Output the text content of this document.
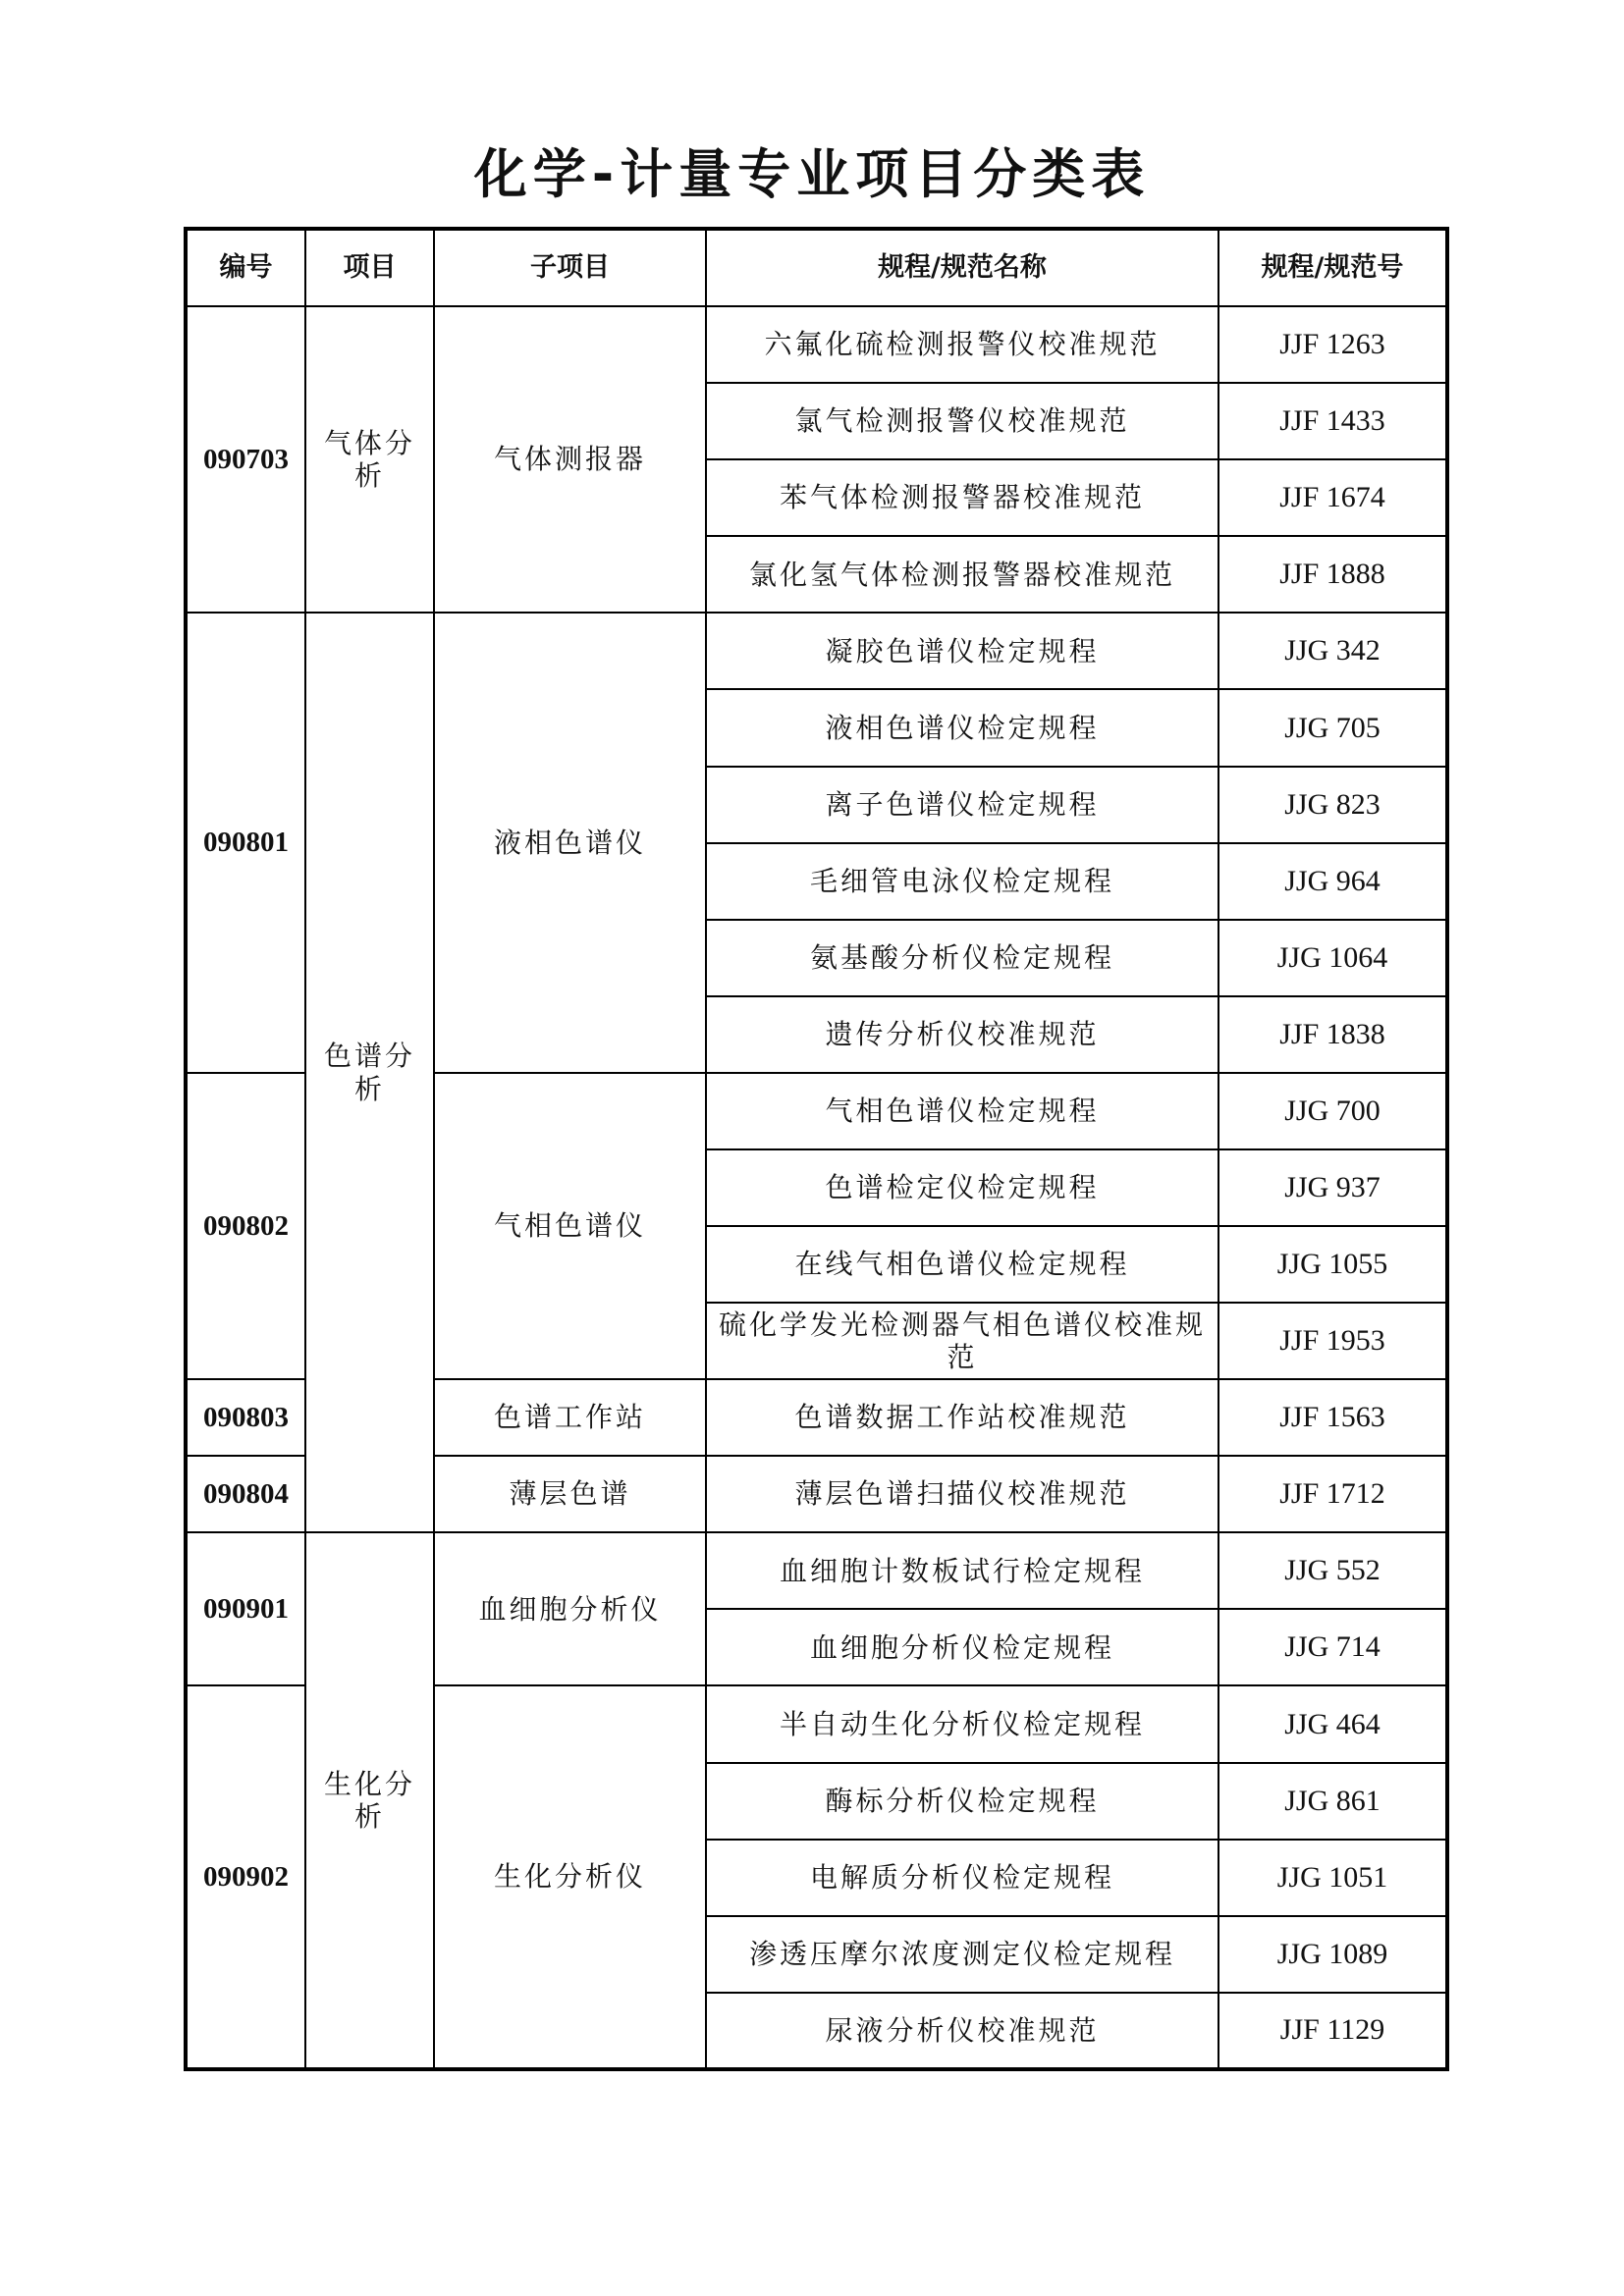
化学-计量专业项目分类表
编号	项目	子项目	规程/规范名称	规程/规范号
090703	气体分析	气体测报器	六氟化硫检测报警仪校准规范	JJF 1263
			氯气检测报警仪校准规范	JJF 1433
			苯气体检测报警器校准规范	JJF 1674
			氯化氢气体检测报警器校准规范	JJF 1888
090801	色谱分析	液相色谱仪	凝胶色谱仪检定规程	JJG 342
			液相色谱仪检定规程	JJG 705
			离子色谱仪检定规程	JJG 823
			毛细管电泳仪检定规程	JJG 964
			氨基酸分析仪检定规程	JJG 1064
			遗传分析仪校准规范	JJF 1838
090802		气相色谱仪	气相色谱仪检定规程	JJG 700
			色谱检定仪检定规程	JJG 937
			在线气相色谱仪检定规程	JJG 1055
			硫化学发光检测器气相色谱仪校准规范	JJF 1953
090803		色谱工作站	色谱数据工作站校准规范	JJF 1563
090804		薄层色谱	薄层色谱扫描仪校准规范	JJF 1712
090901	生化分析	血细胞分析仪	血细胞计数板试行检定规程	JJG 552
			血细胞分析仪检定规程	JJG 714
090902		生化分析仪	半自动生化分析仪检定规程	JJG 464
			酶标分析仪检定规程	JJG 861
			电解质分析仪检定规程	JJG 1051
			渗透压摩尔浓度测定仪检定规程	JJG 1089
			尿液分析仪校准规范	JJF 1129
